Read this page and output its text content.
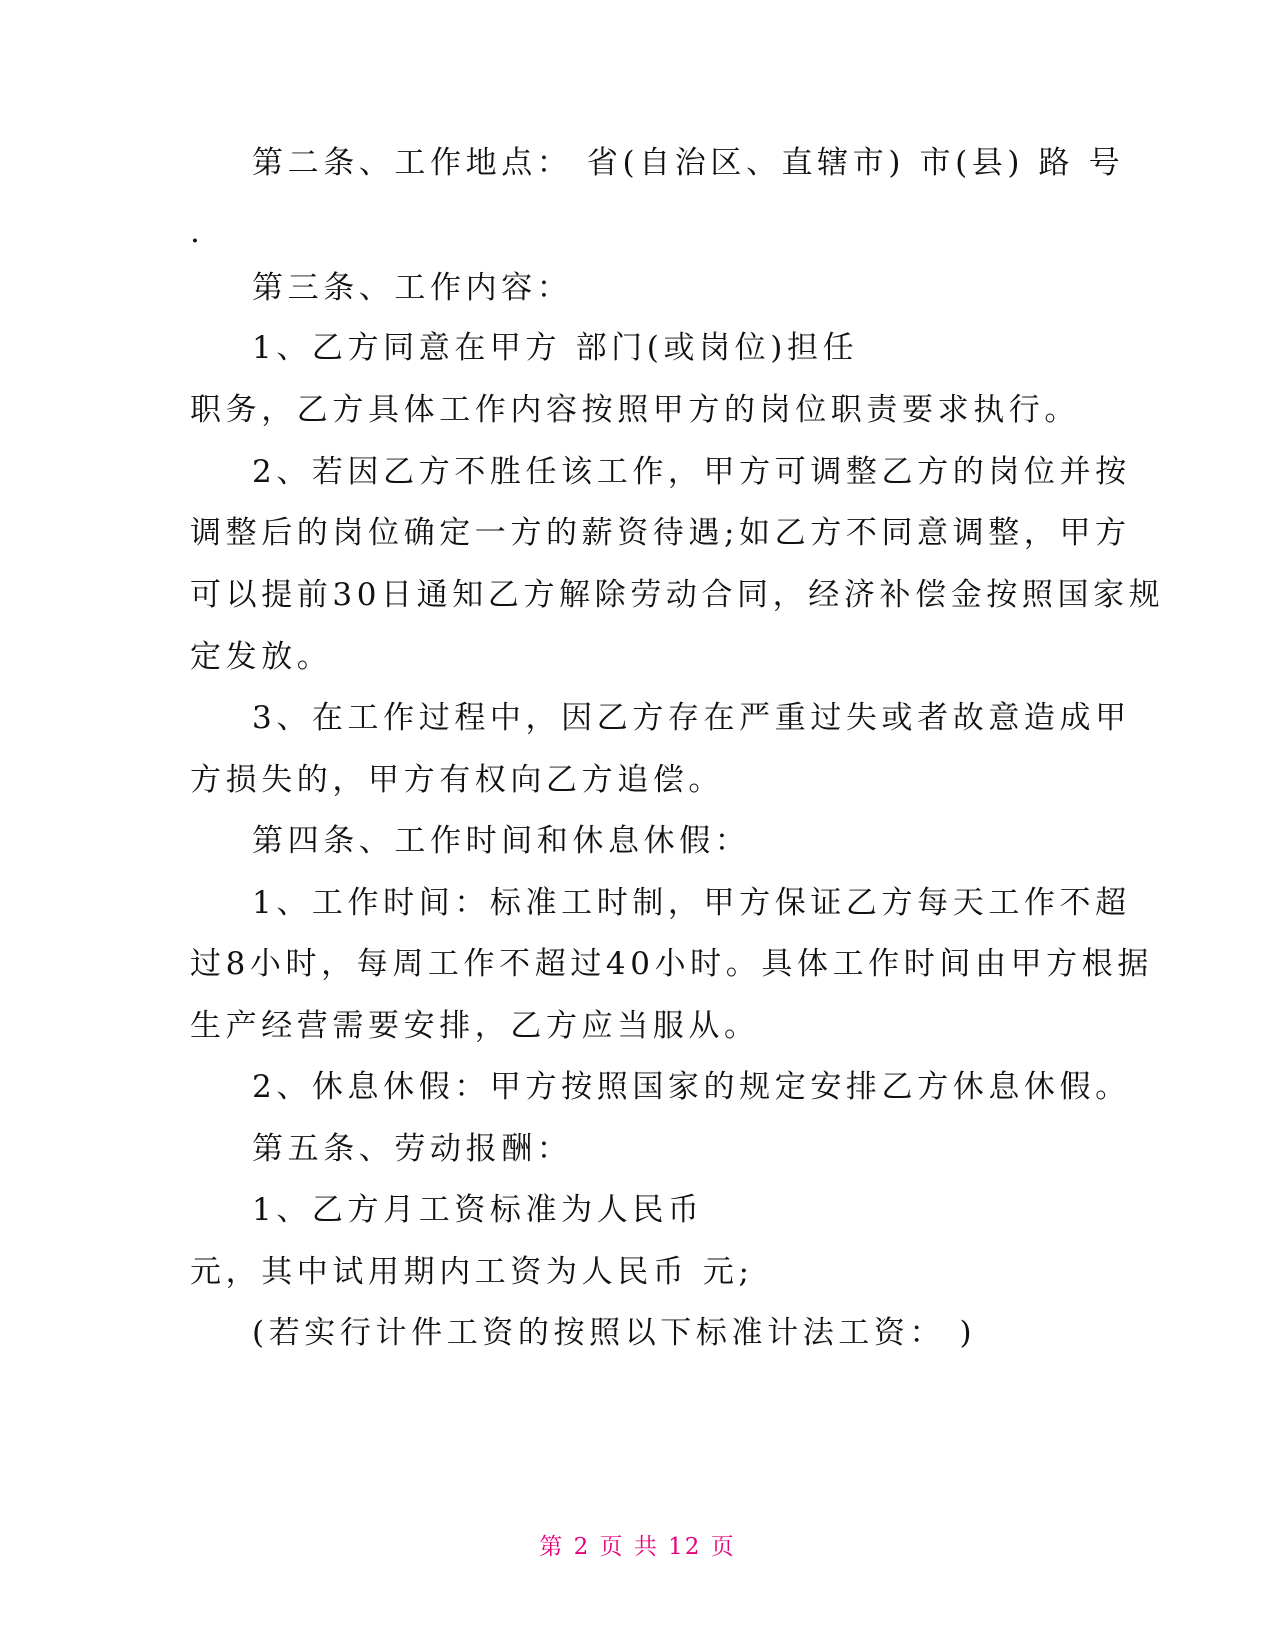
第二条、工作地点： 省(自治区、直辖市) 市(县) 路 号
.
第三条、工作内容：
1、乙方同意在甲方 部门(或岗位)担任
职务，乙方具体工作内容按照甲方的岗位职责要求执行。
2、若因乙方不胜任该工作，甲方可调整乙方的岗位并按
调整后的岗位确定一方的薪资待遇;如乙方不同意调整，甲方
可以提前30日通知乙方解除劳动合同，经济补偿金按照国家规
定发放。
3、在工作过程中，因乙方存在严重过失或者故意造成甲
方损失的，甲方有权向乙方追偿。
第四条、工作时间和休息休假：
1、工作时间：标准工时制，甲方保证乙方每天工作不超
过8小时，每周工作不超过40小时。具体工作时间由甲方根据
生产经营需要安排，乙方应当服从。
2、休息休假：甲方按照国家的规定安排乙方休息休假。
第五条、劳动报酬：
1、乙方月工资标准为人民币
元，其中试用期内工资为人民币 元;
(若实行计件工资的按照以下标准计法工资： )
第 2 页 共 12 页
